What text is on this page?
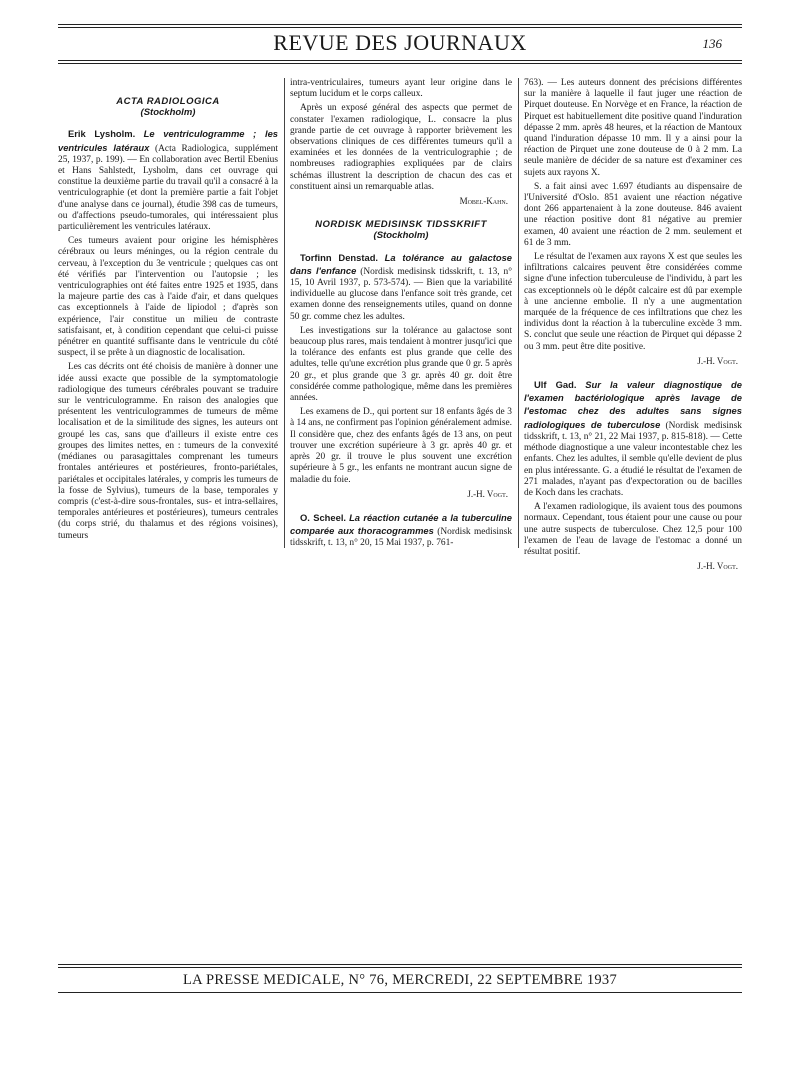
REVUE DES JOURNAUX	136
ACTA RADIOLOGICA
(Stockholm)

Erik Lysholm. Le ventriculogramme ; les ventricules latéraux (Acta Radiologica, supplément 25, 1937, p. 199). — En collaboration avec Bertil Ebenius et Hans Sahlstedt, Lysholm, dans cet ouvrage qui constitue la deuxième partie du travail qu'il a consacré à la ventriculographie (et dont la première partie a fait l'objet d'une analyse dans ce journal), étudie 398 cas de tumeurs, ou d'affections pseudo-tumorales, qui intéressaient plus particulièrement les ventricules latéraux.

Ces tumeurs avaient pour origine les hémisphères cérébraux ou leurs méninges, ou la région centrale du cerveau, à l'exception du 3e ventricule ; quelques cas ont été vérifiés par l'intervention ou l'autopsie ; les ventriculographies ont été faites entre 1925 et 1935, dans la majeure partie des cas à l'aide d'air, et dans quelques cas exceptionnels à l'aide de lipiodol ; d'après son expérience, l'air constitue un milieu de contraste satisfaisant, et, à condition cependant que celui-ci puisse pénétrer en quantité suffisante dans le ventricule du côté suspect, il se prête à un diagnostic de localisation.

Les cas décrits ont été choisis de manière à donner une idée aussi exacte que possible de la symptomatologie radiologique des tumeurs cérébrales pouvant se traduire sur le ventriculogramme. En raison des analogies que présentent les ventriculogrammes de tumeurs de même localisation et de la similitude des signes, les auteurs ont groupé les cas, sans que d'ailleurs il existe entre ces groupes des limites nettes, en : tumeurs de la convexité (médianes ou parasagittales comprenant les tumeurs frontales antérieures et postérieures, fronto-pariétales, pariétales et occipitales latérales, y compris les tumeurs de la fosse de Sylvius), tumeurs de la base, temporales y compris (c'est-à-dire sous-frontales, sus- et intra-sellaires, temporales antérieures et postérieures), tumeurs centrales (du corps strié, du thalamus et des régions voisines), tumeurs

intra-ventriculaires, tumeurs ayant leur origine dans le septum lucidum et le corps calleux.

Après un exposé général des aspects que permet de constater l'examen radiologique, L. consacre la plus grande partie de cet ouvrage à rapporter brièvement les observations cliniques de ces différentes tumeurs qu'il a examinées et les données de la ventriculographie ; de nombreuses radiographies expliquées par de clairs schémas illustrent la description de chacun des cas et constituent ainsi un remarquable atlas.

Mobel-Kahn.
NORDISK MEDISINSK TIDSSKRIFT
(Stockholm)

Torfinn Denstad. La tolérance au galactose dans l'enfance (Nordisk medisinsk tidsskrift, t. 13, n° 15, 10 Avril 1937, p. 573-574). — Bien que la variabilité individuelle au glucose dans l'enfance soit très grande, cet examen donne des renseignements utiles, quand on donne 50 gr. comme chez les adultes.

Les investigations sur la tolérance au galactose sont beaucoup plus rares, mais tendaient à montrer jusqu'ici que la tolérance des enfants est plus grande que celle des adultes, telle qu'une excrétion plus grande que 0 gr. 5 après 20 gr., et plus grande que 3 gr. après 40 gr. doit être considérée comme pathologique, même dans les premières années.

Les examens de D., qui portent sur 18 enfants âgés de 3 à 14 ans, ne confirment pas l'opinion généralement admise. Il considère que, chez des enfants âgés de 13 ans, on peut trouver une excrétion supérieure à 3 gr. après 40 gr. et après 20 gr. il trouve le plus souvent une excrétion supérieure à 5 gr., les enfants ne montrant aucun signe de maladie du foie.

J.-H. Vogt.

O. Scheel. La réaction cutanée a la tuberculine comparée aux thoracogrammes (Nordisk medisinsk tidsskrift, t. 13, n° 20, 15 Mai 1937, p. 761-

763). — Les auteurs donnent des précisions différentes sur la manière à laquelle il faut juger une réaction de Pirquet douteuse. En Norvège et en France, la réaction de Pirquet est habituellement dite positive quand l'induration dépasse 2 mm. après 48 heures, et la réaction de Mantoux quand l'induration dépasse 10 mm. Il y a ainsi pour la réaction de Pirquet une zone douteuse de 0 à 2 mm. La seule manière de décider de sa nature est d'examiner ces sujets aux rayons X.

S. a fait ainsi avec 1.697 étudiants au dispensaire de l'Université d'Oslo. 851 avaient une réaction négative dont 266 appartenaient à la zone douteuse. 846 avaient une réaction positive dont 81 négative au premier examen, 40 avaient une réaction de 2 mm. seulement et 61 de 3 mm.

Le résultat de l'examen aux rayons X est que seules les infiltrations calcaires peuvent être considérées comme signe d'une infection tuberculeuse de l'individu, à part les cas exceptionnels où le dépôt calcaire est dû par exemple à une ancienne embolie. Il n'y a une augmentation marquée de la fréquence de ces infiltrations que chez les individus dont la réaction à la tuberculine excède 3 mm. S. conclut que seule une réaction de Pirquet qui dépasse 2 ou 3 mm. peut être dite positive.

J.-H. Vogt.

Ulf Gad. Sur la valeur diagnostique de l'examen bactériologique après lavage de l'estomac chez des adultes sans signes radiologiques de tuberculose (Nordisk medisinsk tidsskrift, t. 13, n° 21, 22 Mai 1937, p. 815-818). — Cette méthode diagnostique a une valeur incontestable chez les enfants. Chez les adultes, il semble qu'elle devient de plus en plus intéressante. G. a étudié le résultat de l'examen de 271 malades, n'ayant pas d'expectoration ou de bacilles de Koch dans les crachats.

A l'examen radiologique, ils avaient tous des poumons normaux. Cependant, tous étaient pour une cause ou pour une autre suspects de tuberculose. Chez 12,5 pour 100 l'examen de l'eau de lavage de l'estomac a donné un résultat positif.

J.-H. Vogt.
LA PRESSE MEDICALE, N° 76, MERCREDI, 22 SEPTEMBRE 1937
